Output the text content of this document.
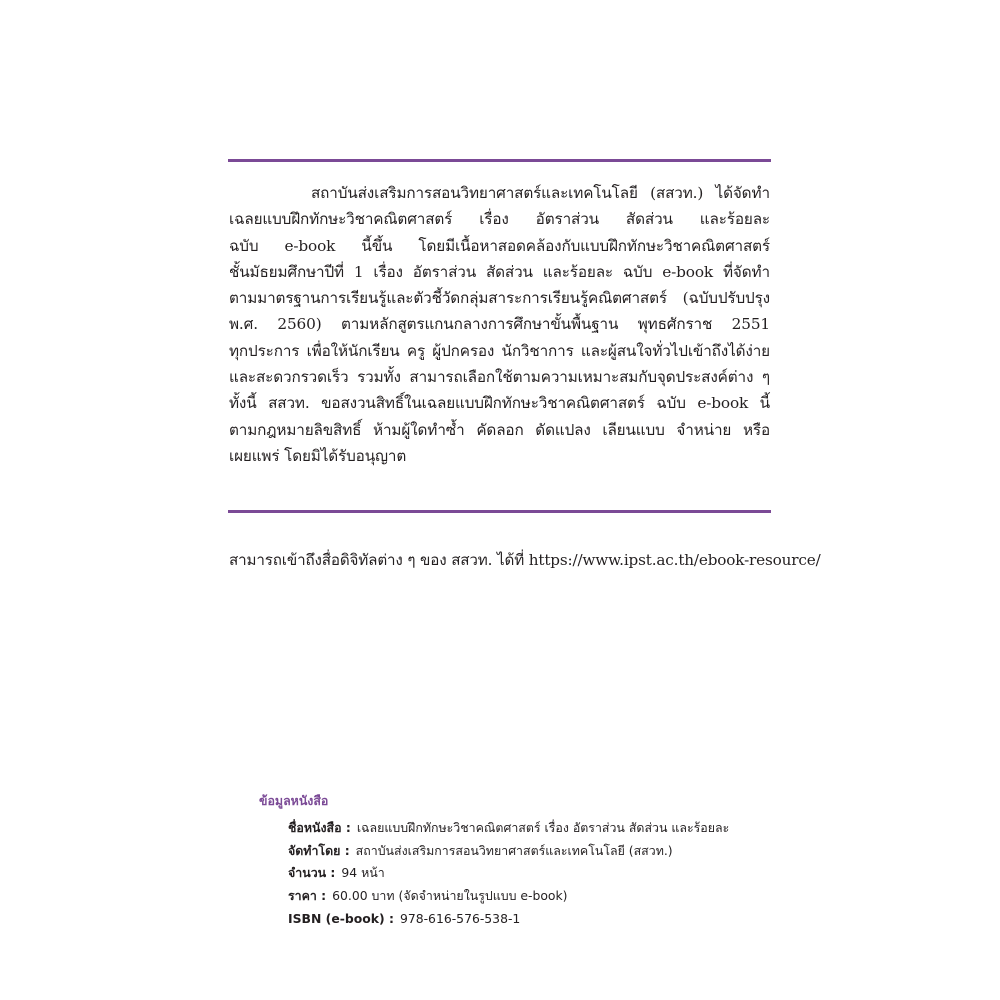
สถาบันส่งเสริมการสอนวิทยาศาสตร์และเทคโนโลยี (สสวท.) ได้จัดทำ
เฉลยแบบฝึกทักษะวิชาคณิตศาสตร์ เรื่อง อัตราส่วน สัดส่วน และร้อยละ
ฉบับ e-book นี้ขึ้น โดยมีเนื้อหาสอดคล้องกับแบบฝึกทักษะวิชาคณิตศาสตร์
ชั้นมัธยมศึกษาปีที่ 1 เรื่อง อัตราส่วน สัดส่วน และร้อยละ ฉบับ e-book ที่จัดทำ
ตามมาตรฐานการเรียนรู้และตัวชี้วัดกลุ่มสาระการเรียนรู้คณิตศาสตร์ (ฉบับปรับปรุง
พ.ศ. 2560) ตามหลักสูตรแกนกลางการศึกษาขั้นพื้นฐาน พุทธศักราช 2551
ทุกประการ เพื่อให้นักเรียน ครู ผู้ปกครอง นักวิชาการ และผู้สนใจทั่วไปเข้าถึงได้ง่าย
และสะดวกรวดเร็ว รวมทั้ง สามารถเลือกใช้ตามความเหมาะสมกับจุดประสงค์ต่าง ๆ
ทั้งนี้ สสวท. ขอสงวนสิทธิ์ในเฉลยแบบฝึกทักษะวิชาคณิตศาสตร์ ฉบับ e-book นี้
ตามกฎหมายลิขสิทธิ์ ห้ามผู้ใดทำซ้ำ คัดลอก ดัดแปลง เลียนแบบ จำหน่าย หรือ
เผยแพร่ โดยมิได้รับอนุญาต

สามารถเข้าถึงสื่อดิจิทัลต่าง ๆ ของ สสวท. ได้ที่ https://www.ipst.ac.th/ebook-resource/

ข้อมูลหนังสือ
ชื่อหนังสือ : เฉลยแบบฝึกทักษะวิชาคณิตศาสตร์ เรื่อง อัตราส่วน สัดส่วน และร้อยละ
จัดทำโดย : สถาบันส่งเสริมการสอนวิทยาศาสตร์และเทคโนโลยี (สสวท.)
จำนวน : 94 หน้า
ราคา : 60.00 บาท (จัดจำหน่ายในรูปแบบ e-book)
ISBN (e-book) : 978-616-576-538-1
